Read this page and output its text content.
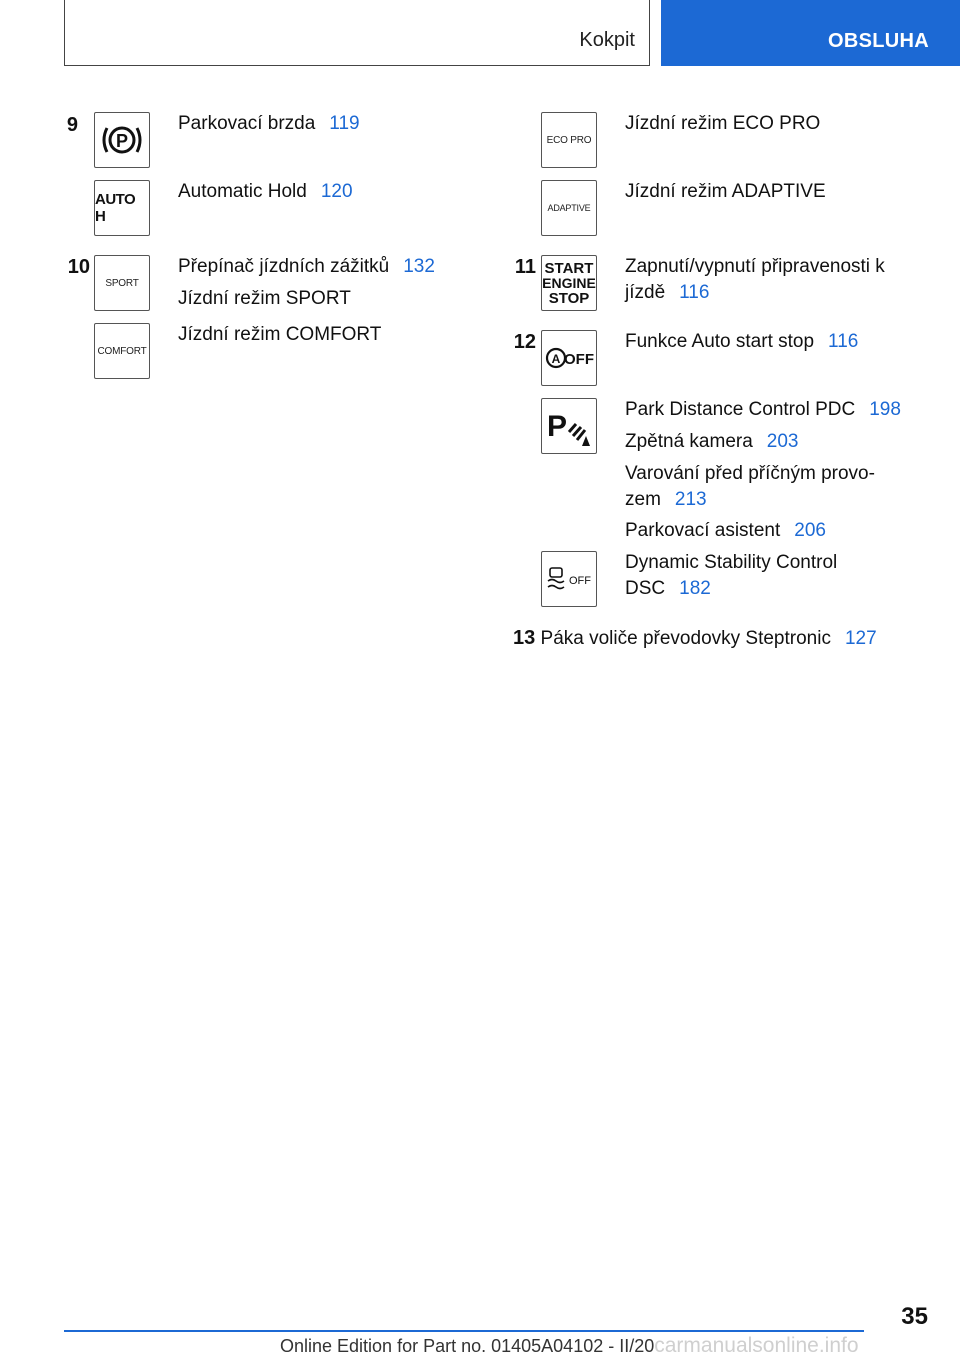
Kokpit	OBSLUHA
9
P
Parkovací brzda 119
AUTO H
Automatic Hold 120
10
SPORT
Přepínač jízdních zážitků 132
Jízdní režim SPORT
COMFORT
Jízdní režim COMFORT
ECO PRO
Jízdní režim ECO PRO
ADAPTIVE
Jízdní režim ADAPTIVE
11 START
ENGINE
STOP
Zapnutí/vypnutí připravenosti k
jízdě 116
12
A OFF
Funkce Auto start stop 116
P
Park Distance Control PDC 198
Zpětná kamera 203
Varování před příčným provo-
zem 213
Parkovací asistent 206
OFF
Dynamic Stability Control
DSC 182
13 Páka voliče převodovky Steptronic 127
35
Online Edition for Part no. 01405A04102 - II/20carmanualsonline.info
